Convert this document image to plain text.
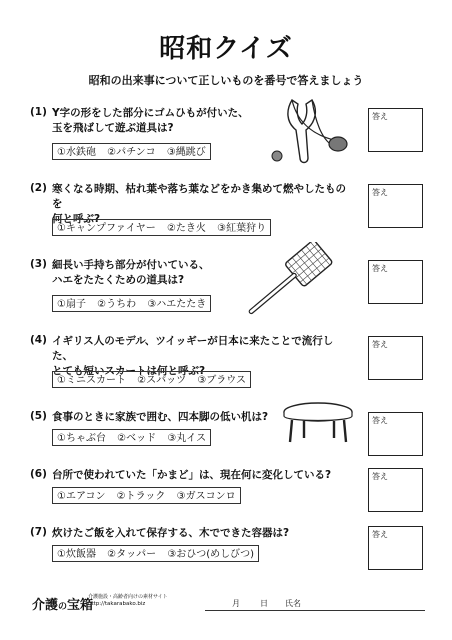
昭和クイズ
昭和の出来事について正しいものを番号で答えましょう
(1) Y字の形をした部分にゴムひもが付いた、
玉を飛ばして遊ぶ道具は?
①水鉄砲 ②パチンコ ③縄跳び
答え
(2) 寒くなる時期、枯れ葉や落ち葉などをかき集めて燃やしたものを
何と呼ぶ?
①キャンプファイヤー ②たき火 ③紅葉狩り
答え
(3) 細長い手持ち部分が付いている、
ハエをたたくための道具は?
①扇子 ②うちわ ③ハエたたき
答え
(4) イギリス人のモデル、ツイッギーが日本に来たことで流行した、
とても短いスカートは何と呼ぶ?
①ミニスカート ②スパッツ ③ブラウス
答え
(5) 食事のときに家族で囲む、四本脚の低い机は?
①ちゃぶ台 ②ベッド ③丸イス
答え
(6) 台所で使われていた「かまど」は、現在何に変化している?
①エアコン ②トラック ③ガスコンロ
答え
(7) 炊けたご飯を入れて保存する、木でできた容器は?
①炊飯器 ②タッパー ③おひつ(めしびつ)
答え
介護の宝箱
介護施設・高齢者向けの素材サイト
http://takarabako.biz	月	日 氏名
